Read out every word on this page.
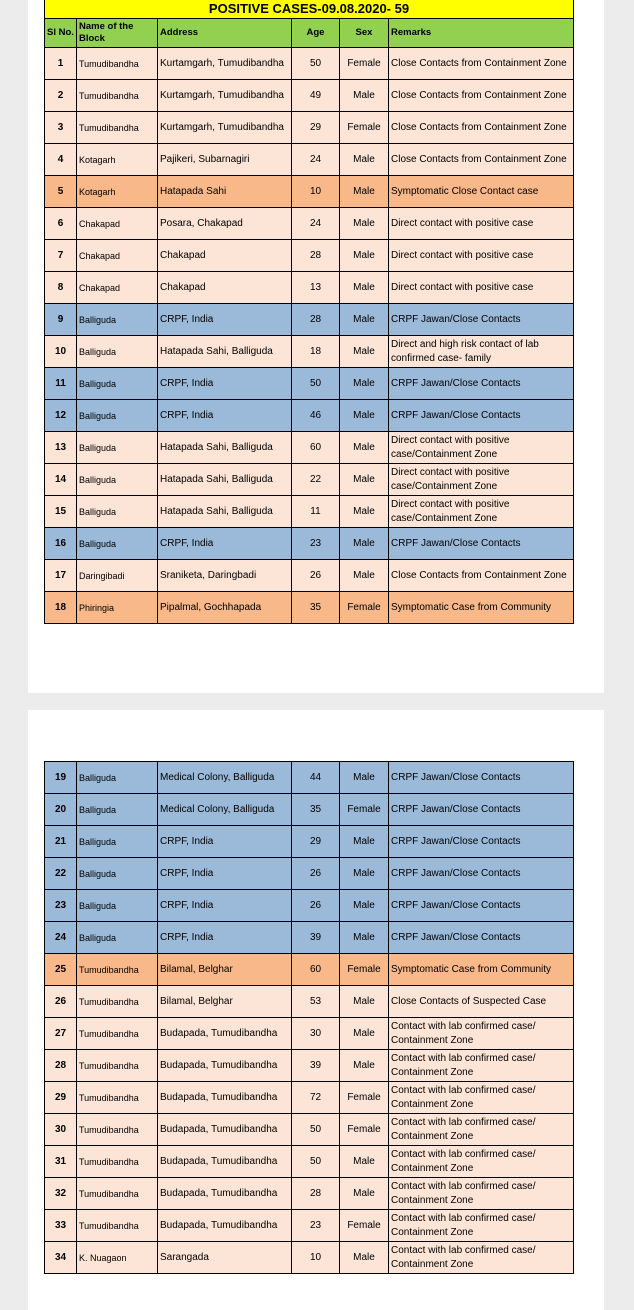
POSITIVE CASES-09.08.2020- 59
Sl No.	Name of the Block	Address	Age	Sex	Remarks
1	Tumudibandha	Kurtamgarh, Tumudibandha	50	Female	Close Contacts from Containment Zone
2	Tumudibandha	Kurtamgarh, Tumudibandha	49	Male	Close Contacts from Containment Zone
3	Tumudibandha	Kurtamgarh, Tumudibandha	29	Female	Close Contacts from Containment Zone
4	Kotagarh	Pajikeri, Subarnagiri	24	Male	Close Contacts from Containment Zone
5	Kotagarh	Hatapada Sahi	10	Male	Symptomatic Close Contact case
6	Chakapad	Posara, Chakapad	24	Male	Direct contact with positive case
7	Chakapad	Chakapad	28	Male	Direct contact with positive case
8	Chakapad	Chakapad	13	Male	Direct contact with positive case
9	Balliguda	CRPF, India	28	Male	CRPF Jawan/Close Contacts
10	Balliguda	Hatapada Sahi, Balliguda	18	Male	Direct and high risk contact of lab confirmed case- family
11	Balliguda	CRPF, India	50	Male	CRPF Jawan/Close Contacts
12	Balliguda	CRPF, India	46	Male	CRPF Jawan/Close Contacts
13	Balliguda	Hatapada Sahi, Balliguda	60	Male	Direct contact with positive case/Containment Zone
14	Balliguda	Hatapada Sahi, Balliguda	22	Male	Direct contact with positive case/Containment Zone
15	Balliguda	Hatapada Sahi, Balliguda	11	Male	Direct contact with positive case/Containment Zone
16	Balliguda	CRPF, India	23	Male	CRPF Jawan/Close Contacts
17	Daringibadi	Sraniketa, Daringbadi	26	Male	Close Contacts from Containment Zone
18	Phiringia	Pipalmal, Gochhapada	35	Female	Symptomatic Case from Community
19	Balliguda	Medical Colony, Balliguda	44	Male	CRPF Jawan/Close Contacts
20	Balliguda	Medical Colony, Balliguda	35	Female	CRPF Jawan/Close Contacts
21	Balliguda	CRPF, India	29	Male	CRPF Jawan/Close Contacts
22	Balliguda	CRPF, India	26	Male	CRPF Jawan/Close Contacts
23	Balliguda	CRPF, India	26	Male	CRPF Jawan/Close Contacts
24	Balliguda	CRPF, India	39	Male	CRPF Jawan/Close Contacts
25	Tumudibandha	Bilamal, Belghar	60	Female	Symptomatic Case from Community
26	Tumudibandha	Bilamal, Belghar	53	Male	Close Contacts of Suspected Case
27	Tumudibandha	Budapada, Tumudibandha	30	Male	Contact with lab confirmed case/ Containment Zone
28	Tumudibandha	Budapada, Tumudibandha	39	Male	Contact with lab confirmed case/ Containment Zone
29	Tumudibandha	Budapada, Tumudibandha	72	Female	Contact with lab confirmed case/ Containment Zone
30	Tumudibandha	Budapada, Tumudibandha	50	Female	Contact with lab confirmed case/ Containment Zone
31	Tumudibandha	Budapada, Tumudibandha	50	Male	Contact with lab confirmed case/ Containment Zone
32	Tumudibandha	Budapada, Tumudibandha	28	Male	Contact with lab confirmed case/ Containment Zone
33	Tumudibandha	Budapada, Tumudibandha	23	Female	Contact with lab confirmed case/ Containment Zone
34	K. Nuagaon	Sarangada	10	Male	Contact with lab confirmed case/ Containment Zone
